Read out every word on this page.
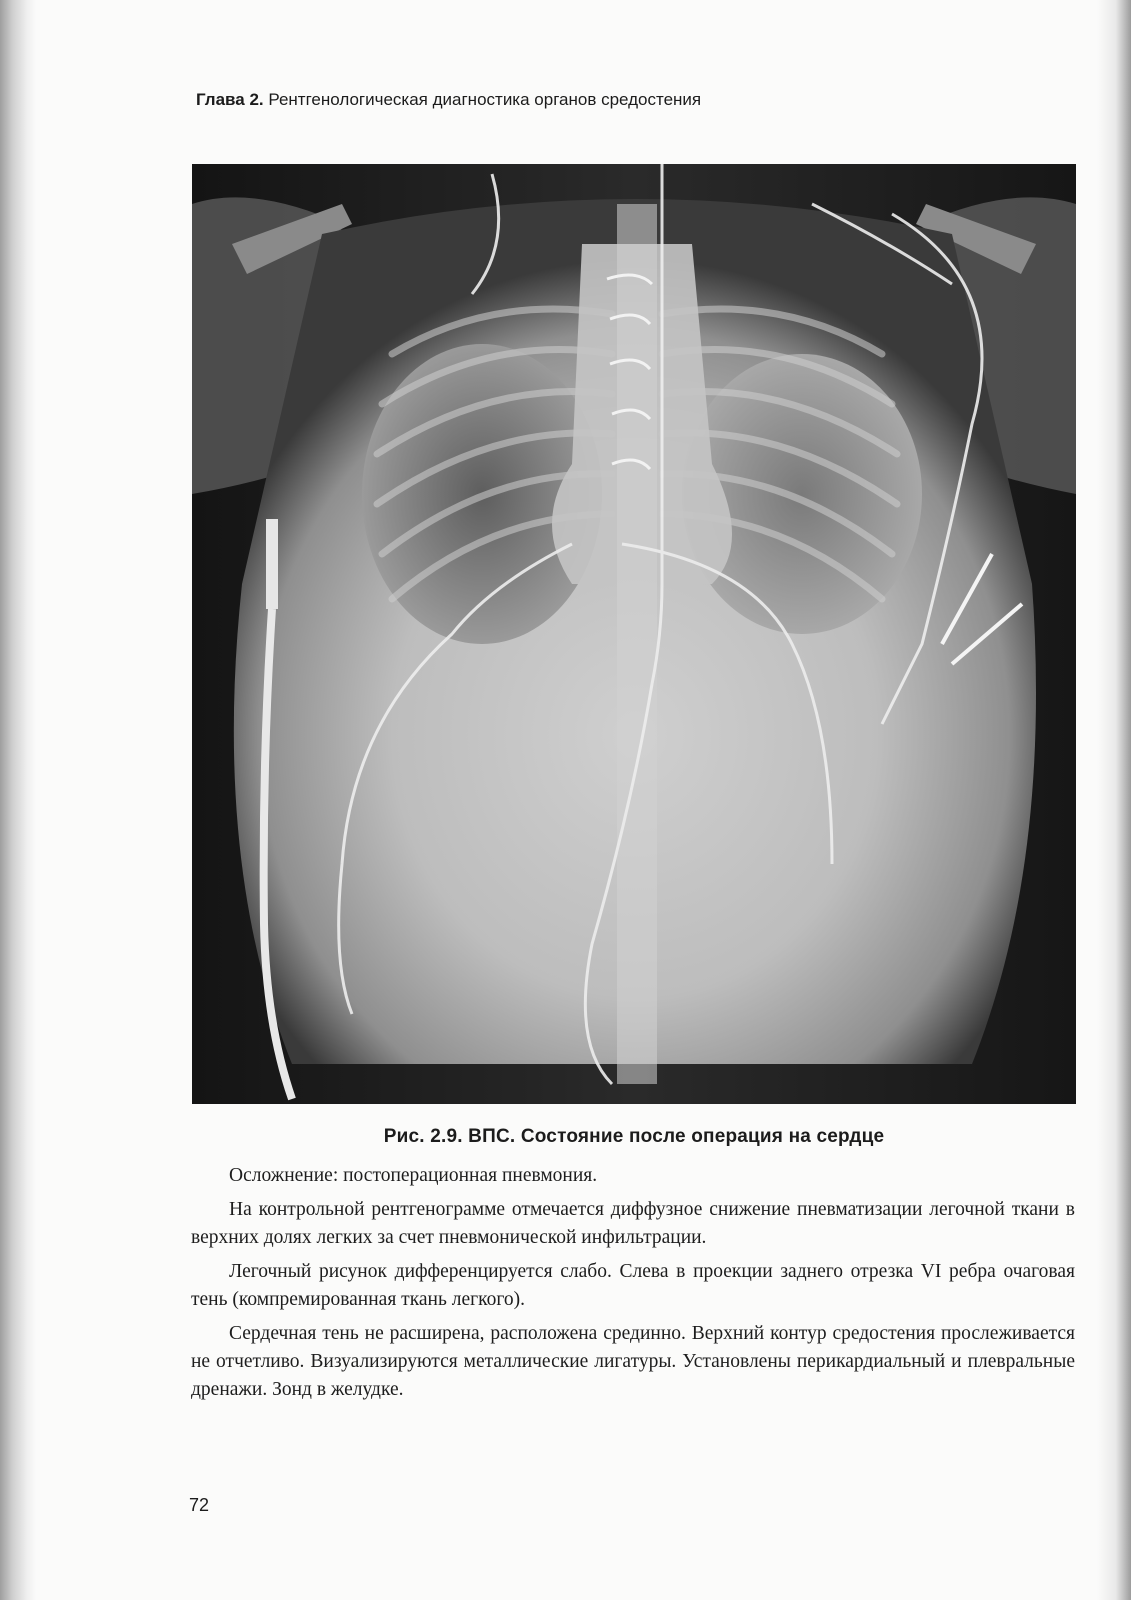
Глава 2. Рентгенологическая диагностика органов средостения
Рис. 2.9. ВПС. Состояние после операция на сердце

Осложнение: постоперационная пневмония.

На контрольной рентгенограмме отмечается диффузное снижение пневматизации легочной ткани в верхних долях легких за счет пневмонической инфильтрации.

Легочный рисунок дифференцируется слабо. Слева в проекции заднего отрезка VI ребра очаговая тень (компремированная ткань легкого).

Сердечная тень не расширена, расположена срединно. Верхний контур средостения прослеживается не отчетливо. Визуализируются металлические лигатуры. Установлены перикардиальный и плевральные дренажи. Зонд в желудке.

72
